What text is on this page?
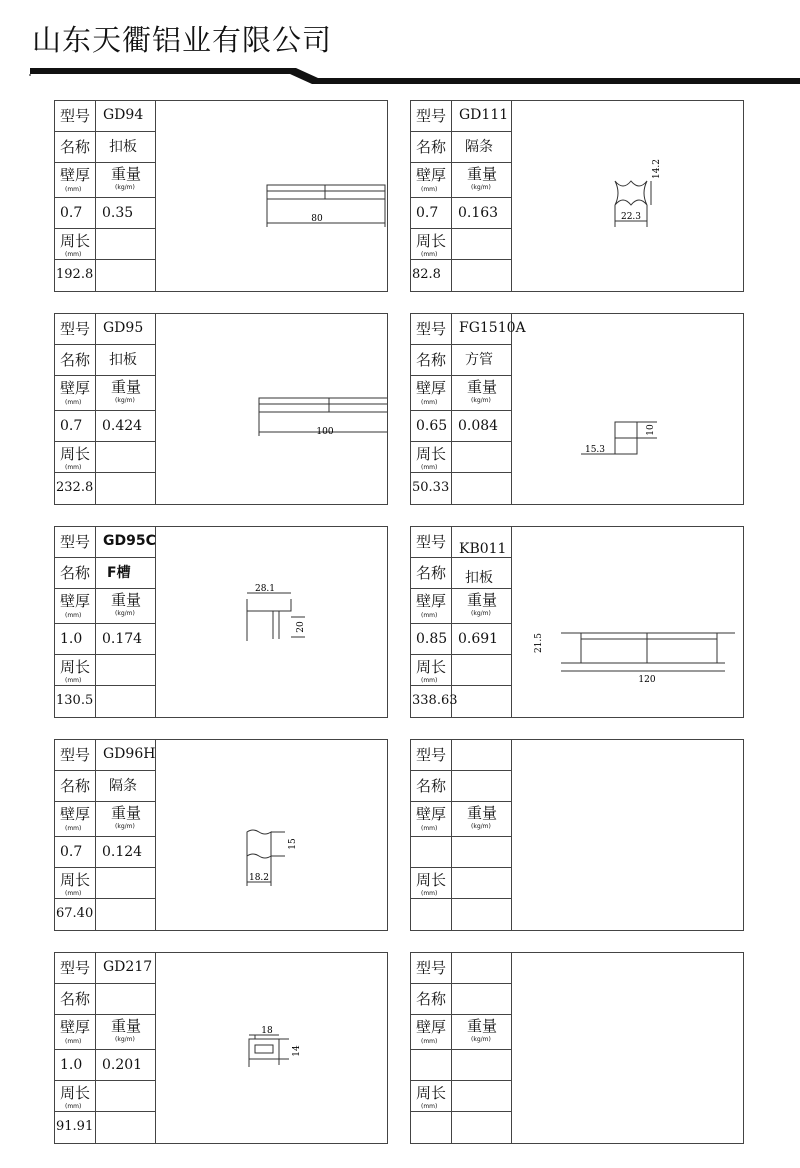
山东天衢铝业有限公司
型号 GD94
名称 扣板
壁厚
(mm)
重量
(kg/m)
0.7 0.35
周长
(mm)
192.8
80
型号 GD111
名称 隔条
壁厚
(mm)
重量
(kg/m)
0.7 0.163
周长
(mm)
82.8
22.3
14.2
型号 GD95
名称 扣板
壁厚
(mm)
重量
(kg/m)
0.7 0.424
周长
(mm)
232.8
100
型号 FG1510A
名称 方管
壁厚
(mm)
重量
(kg/m)
0.65 0.084
周长
(mm)
50.33
15.3
10
型号 GD95C
名称 F槽
壁厚
(mm)
重量
(kg/m)
1.0 0.174
周长
(mm)
130.5
28.1
20
型号 KB011
名称 扣板
壁厚
(mm)
重量
(kg/m)
0.85 0.691
周长
(mm)
338.63
120
21.5
型号 GD96H
名称 隔条
壁厚
(mm)
重量
(kg/m)
0.7 0.124
周长
(mm)
67.40
18.2
15
型号
名称
壁厚
(mm)
重量
(kg/m)
周长
(mm)
型号 GD217
名称
壁厚
(mm)
重量
(kg/m)
1.0 0.201
周长
(mm)
91.91
18
14
型号
名称
壁厚
(mm)
重量
(kg/m)
周长
(mm)
